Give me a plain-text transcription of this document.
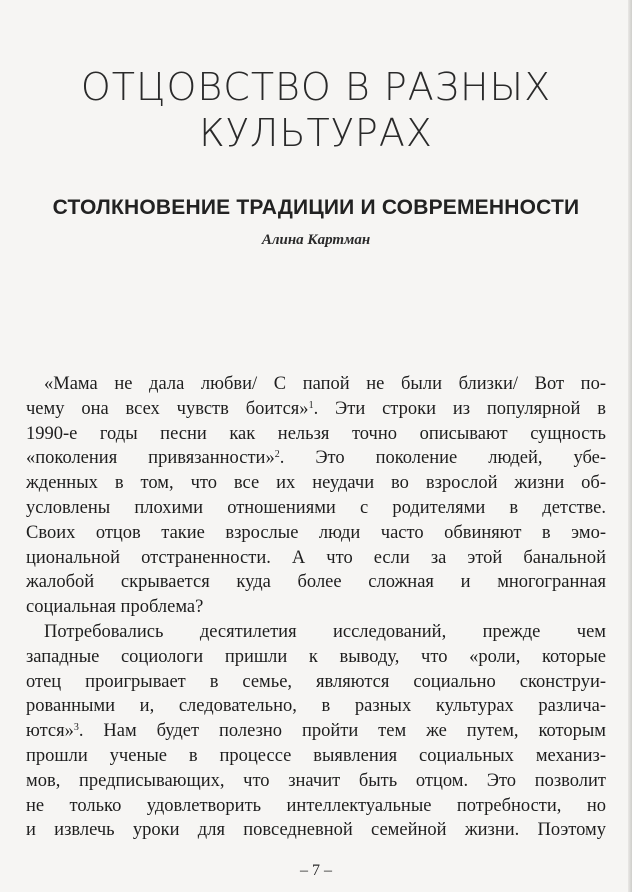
ОТЦОВСТВО В РАЗНЫХ
КУЛЬТУРАХ
СТОЛКНОВЕНИЕ ТРАДИЦИИ И СОВРЕМЕННОСТИ
Алина Картман
«Мама не дала любви/ С папой не были близки/ Вот по-
чему она всех чувств боится»$^1$. Эти строки из популярной в
1990-е годы песни как нельзя точно описывают сущность
«поколения привязанности»$^2$. Это поколение людей, убе-
жденных в том, что все их неудачи во взрослой жизни об-
условлены плохими отношениями с родителями в детстве.
Своих отцов такие взрослые люди часто обвиняют в эмо-
циональной отстраненности. А что если за этой банальной
жалобой скрывается куда более сложная и многогранная
социальная проблема?
Потребовались десятилетия исследований, прежде чем
западные социологи пришли к выводу, что «роли, которые
отец проигрывает в семье, являются социально сконструи-
рованными и, следовательно, в разных культурах различа-
ются»$^3$. Нам будет полезно пройти тем же путем, которым
прошли ученые в процессе выявления социальных механиз-
мов, предписывающих, что значит быть отцом. Это позволит
не только удовлетворить интеллектуальные потребности, но
и извлечь уроки для повседневной семейной жизни. Поэтому
– 7 –
